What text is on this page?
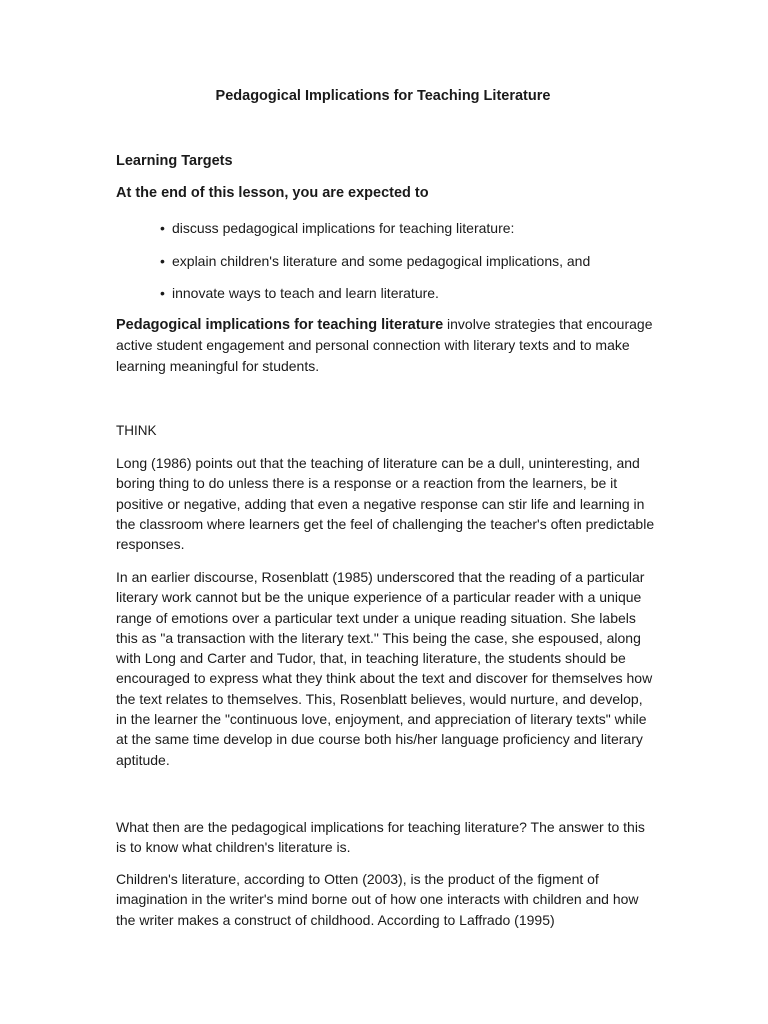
Pedagogical Implications for Teaching Literature
Learning Targets
At the end of this lesson, you are expected to
• discuss pedagogical implications for teaching literature:
• explain children's literature and some pedagogical implications, and
• innovate ways to teach and learn literature.

Pedagogical implications for teaching literature involve strategies that encourage active student engagement and personal connection with literary texts and to make learning meaningful for students.

THINK

Long (1986) points out that the teaching of literature can be a dull, uninteresting, and boring thing to do unless there is a response or a reaction from the learners, be it positive or negative, adding that even a negative response can stir life and learning in the classroom where learners get the feel of challenging the teacher's often predictable responses.

In an earlier discourse, Rosenblatt (1985) underscored that the reading of a particular literary work cannot but be the unique experience of a particular reader with a unique range of emotions over a particular text under a unique reading situation. She labels this as "a transaction with the literary text." This being the case, she espoused, along with Long and Carter and Tudor, that, in teaching literature, the students should be encouraged to express what they think about the text and discover for themselves how the text relates to themselves. This, Rosenblatt believes, would nurture, and develop, in the learner the "continuous love, enjoyment, and appreciation of literary texts" while at the same time develop in due course both his/her language proficiency and literary aptitude.

What then are the pedagogical implications for teaching literature? The answer to this is to know what children's literature is.

Children's literature, according to Otten (2003), is the product of the figment of imagination in the writer's mind borne out of how one interacts with children and how the writer makes a construct of childhood. According to Laffrado (1995)
